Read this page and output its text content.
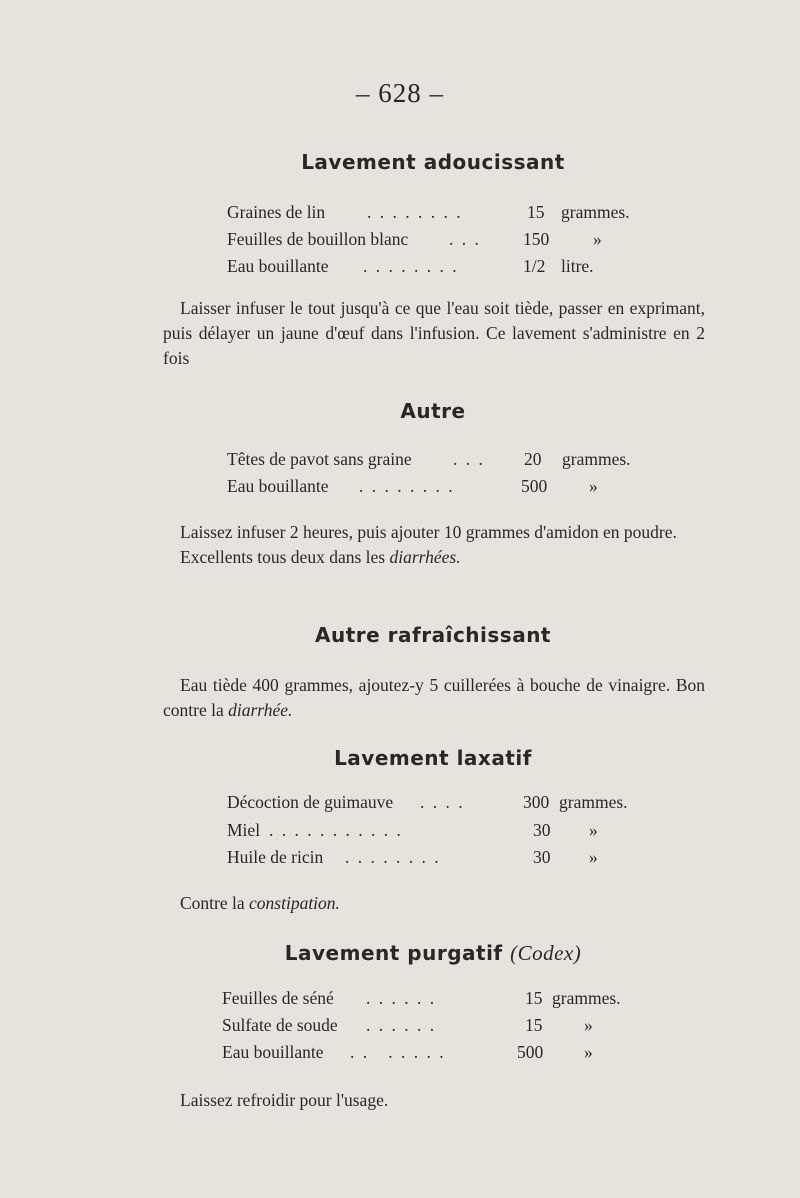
– 628 –
Lavement adoucissant
Graines de lin . . . . . . . .	15 grammes.
Feuilles de bouillon blanc . . . 150	»
Eau bouillante . . . . . . . .	1/2 litre.
Laisser infuser le tout jusqu'à ce que l'eau soit tiède, passer en exprimant, puis délayer un jaune d'œuf dans l'infusion. Ce lavement s'administre en 2 fois
Autre
Têtes de pavot sans graine . . . 20 grammes.
Eau bouillante . . . . . . . .	500 »
Laissez infuser 2 heures, puis ajouter 10 grammes d'amidon en poudre.
Excellents tous deux dans les diarrhées.
Autre rafraîchissant
Eau tiède 400 grammes, ajoutez-y 5 cuillerées à bouche de vinaigre. Bon contre la diarrhée.
Lavement laxatif
Décoction de guimauve . . . .	300 grammes.
Miel . . . . . . . . . . .	30 »
Huile de ricin . . . . . . . .	30 »
Contre la constipation.
Lavement purgatif (Codex)
Feuilles de séné . . . . . .	15 grammes.
Sulfate de soude . . . . . .	15 »
Eau bouillante . .   . . . . .	500 »
Laissez refroidir pour l'usage.
